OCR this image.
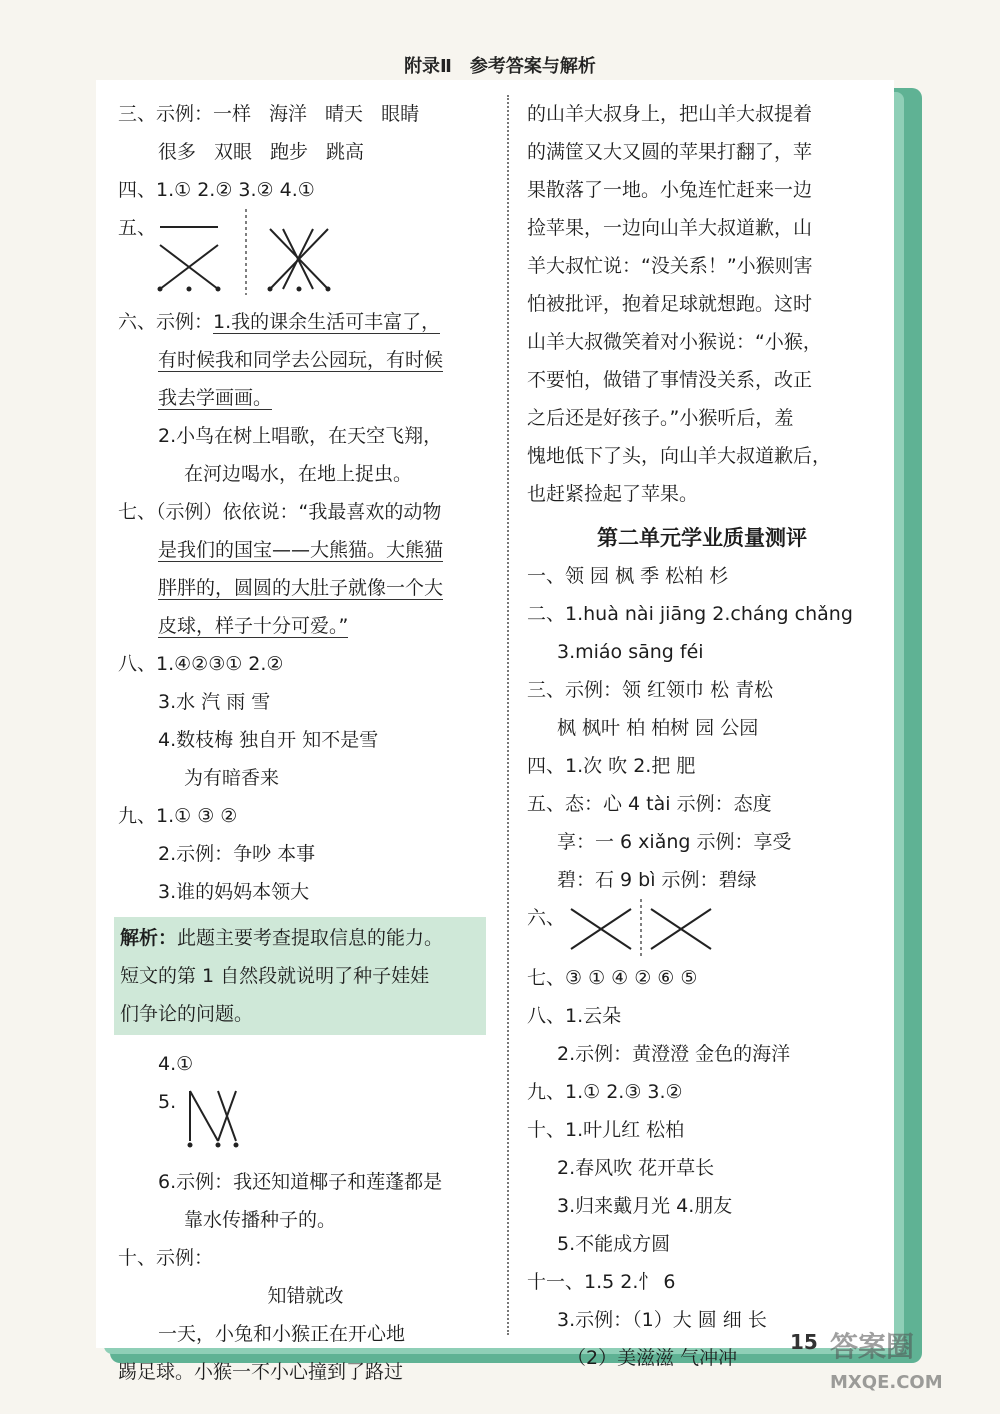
附录Ⅱ 参考答案与解析
三、示例：一样 海洋 晴天 眼睛
很多 双眼 跑步 跳高
四、1.① 2.② 3.② 4.①
五、
六、示例：1.我的课余生活可丰富了，
有时候我和同学去公园玩，有时候
我去学画画。
2.小鸟在树上唱歌，在天空飞翔，
在河边喝水，在地上捉虫。
七、（示例）依依说：“我最喜欢的动物
是我们的国宝——大熊猫。大熊猫
胖胖的，圆圆的大肚子就像一个大
皮球，样子十分可爱。”
八、1.④②③① 2.②
3.水 汽 雨 雪
4.数枝梅 独自开 知不是雪
为有暗香来
九、1.① ③ ②
2.示例：争吵 本事
3.谁的妈妈本领大
解析：此题主要考查提取信息的能力。
短文的第 1 自然段就说明了种子娃娃
们争论的问题。
4.①
5.
6.示例：我还知道椰子和莲蓬都是
靠水传播种子的。
十、示例：
知错就改
一天，小兔和小猴正在开心地
踢足球。小猴一不小心撞到了路过
的山羊大叔身上，把山羊大叔提着
的满筐又大又圆的苹果打翻了，苹
果散落了一地。小兔连忙赶来一边
捡苹果，一边向山羊大叔道歉，山
羊大叔忙说：“没关系！”小猴则害
怕被批评，抱着足球就想跑。这时
山羊大叔微笑着对小猴说：“小猴，
不要怕，做错了事情没关系，改正
之后还是好孩子。”小猴听后，羞
愧地低下了头，向山羊大叔道歉后，
也赶紧捡起了苹果。
第二单元学业质量测评
一、领 园 枫 季 松柏 杉
二、1.huà nài jiāng 2.cháng chǎng
3.miáo sāng féi
三、示例：领 红领巾 松 青松
枫 枫叶 柏 柏树 园 公园
四、1.次 吹 2.把 肥
五、态：心 4 tài 示例：态度
享：一 6 xiǎng 示例：享受
碧：石 9 bì 示例：碧绿
六、
七、③ ① ④ ② ⑥ ⑤
八、1.云朵
2.示例：黄澄澄 金色的海洋
九、1.① 2.③ 3.②
十、1.叶儿红 松柏
2.春风吹 花开草长
3.归来戴月光 4.朋友
5.不能成方圆
十一、1.5 2.忄 6
3.示例：（1）大 圆 细 长
（2）美滋滋 气冲冲
15 答案圈
MXQE.COM
